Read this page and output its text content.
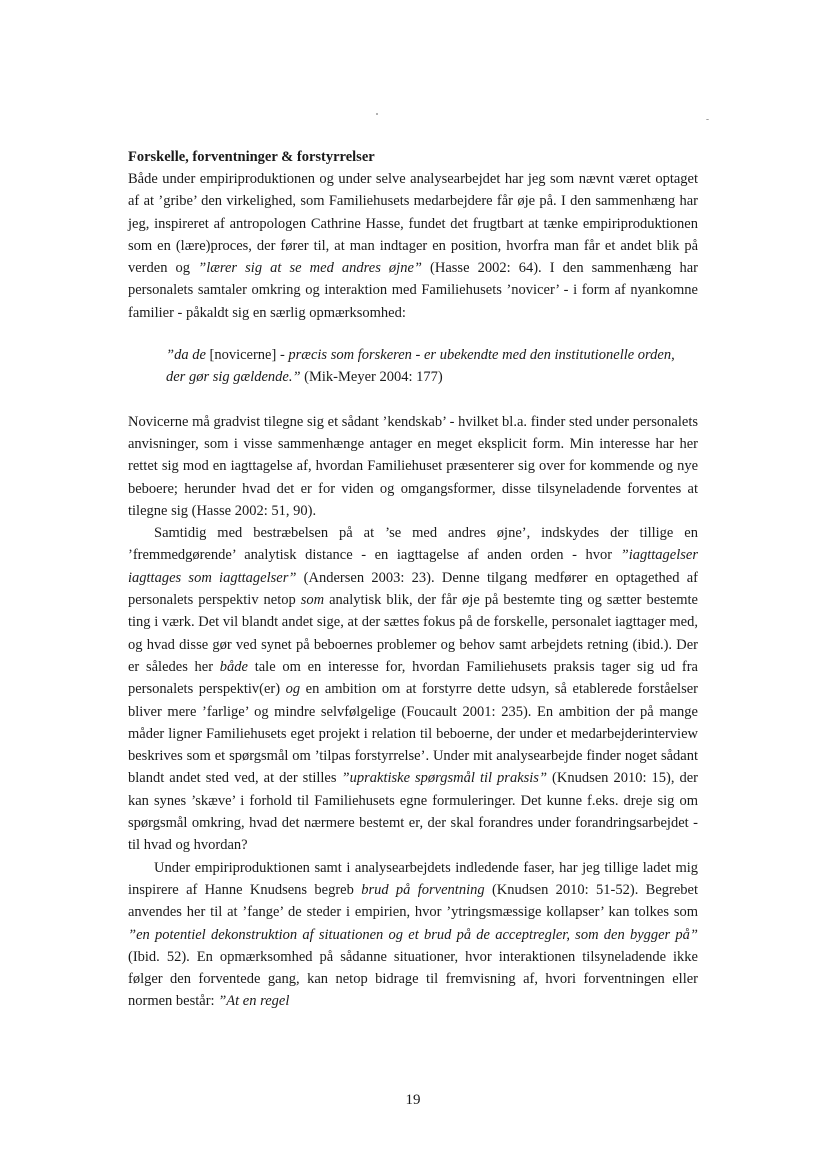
Forskelle, forventninger & forstyrrelser

Både under empiriproduktionen og under selve analysearbejdet har jeg som nævnt været optaget af at ’gribe’ den virkelighed, som Familiehusets medarbejdere får øje på. I den sammenhæng har jeg, inspireret af antropologen Cathrine Hasse, fundet det frugtbart at tænke empiriproduktionen som en (lære)proces, der fører til, at man indtager en position, hvorfra man får et andet blik på verden og ”lærer sig at se med andres øjne” (Hasse 2002: 64). I den sammenhæng har personalets samtaler omkring og interaktion med Familiehusets ’novicer’ - i form af nyankomne familier - påkaldt sig en særlig opmærksomhed:

”da de [novicerne] - præcis som forskeren - er ubekendte med den institutionelle orden, der gør sig gældende.” (Mik-Meyer 2004: 177)

Novicerne må gradvist tilegne sig et sådant ’kendskab’ - hvilket bl.a. finder sted under personalets anvisninger, som i visse sammenhænge antager en meget eksplicit form. Min interesse har her rettet sig mod en iagttagelse af, hvordan Familiehuset præsenterer sig over for kommende og nye beboere; herunder hvad det er for viden og omgangsformer, disse tilsyneladende forventes at tilegne sig (Hasse 2002: 51, 90).

Samtidig med bestræbelsen på at ’se med andres øjne’, indskydes der tillige en ’fremmedgørende’ analytisk distance - en iagttagelse af anden orden - hvor ”iagttagelser iagttages som iagttagelser” (Andersen 2003: 23). Denne tilgang medfører en optagethed af personalets perspektiv netop som analytisk blik, der får øje på bestemte ting og sætter bestemte ting i værk. Det vil blandt andet sige, at der sættes fokus på de forskelle, personalet iagttager med, og hvad disse gør ved synet på beboernes problemer og behov samt arbejdets retning (ibid.). Der er således her både tale om en interesse for, hvordan Familiehusets praksis tager sig ud fra personalets perspektiv(er) og en ambition om at forstyrre dette udsyn, så etablerede forståelser bliver mere ’farlige’ og mindre selvfølgelige (Foucault 2001: 235). En ambition der på mange måder ligner Familiehusets eget projekt i relation til beboerne, der under et medarbejderinterview beskrives som et spørgsmål om ’tilpas forstyrrelse’. Under mit analysearbejde finder noget sådant blandt andet sted ved, at der stilles ”upraktiske spørgsmål til praksis” (Knudsen 2010: 15), der kan synes ’skæve’ i forhold til Familiehusets egne formuleringer. Det kunne f.eks. dreje sig om spørgsmål omkring, hvad det nærmere bestemt er, der skal forandres under forandringsarbejdet - til hvad og hvordan?

Under empiriproduktionen samt i analysearbejdets indledende faser, har jeg tillige ladet mig inspirere af Hanne Knudsens begreb brud på forventning (Knudsen 2010: 51-52). Begrebet anvendes her til at ’fange’ de steder i empirien, hvor ’ytringsmæssige kollapser’ kan tolkes som ”en potentiel dekonstruktion af situationen og et brud på de acceptregler, som den bygger på” (Ibid. 52). En opmærksomhed på sådanne situationer, hvor interaktionen tilsyneladende ikke følger den forventede gang, kan netop bidrage til fremvisning af, hvori forventningen eller normen består: ”At en regel

19
